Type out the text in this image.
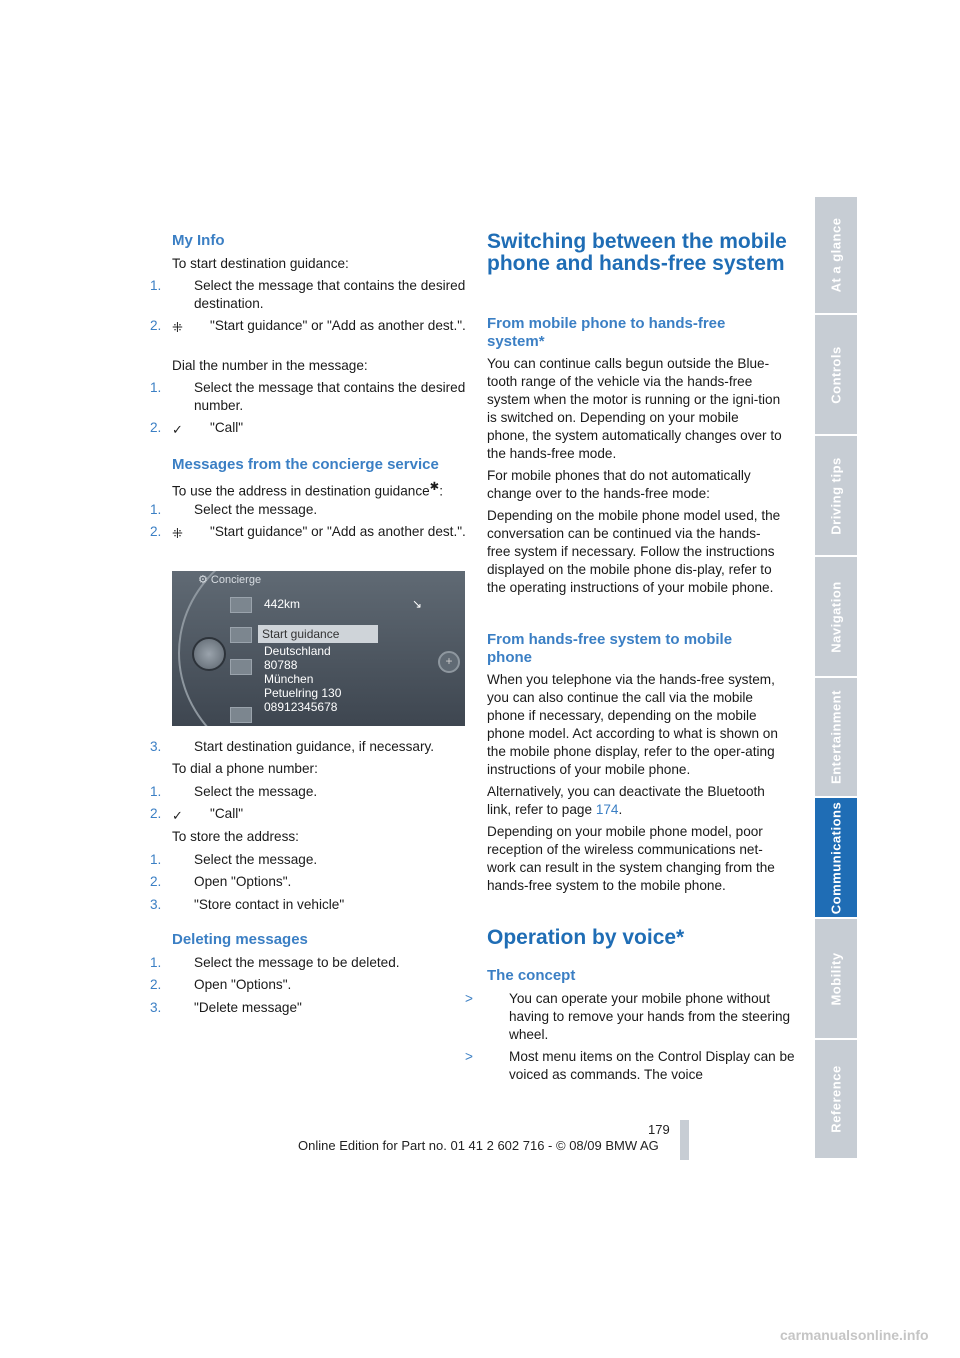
My Info

To start destination guidance:

1. Select the message that contains the desired destination.

2. ⁜ "Start guidance" or "Add as another dest.".

Dial the number in the message:

1. Select the message that contains the desired number.

2. ✓ "Call"

Messages from the concierge service

To use the address in destination guidance✱:

1. Select the message.

2. ⁜ "Start guidance" or "Add as another dest.".

⚙ Concierge
442km	↘
Start guidance
Deutschland
80788
München
Petuelring 130
08912345678
+

3. Start destination guidance, if necessary.

To dial a phone number:

1. Select the message.

2. ✓ "Call"

To store the address:

1. Select the message.

2. Open "Options".

3. "Store contact in vehicle"

Deleting messages

1. Select the message to be deleted.

2. Open "Options".

3. "Delete message"

Switching between the mobile phone and hands-free system
From mobile phone to hands-free system*

You can continue calls begun outside the Blue-tooth range of the vehicle via the hands-free system when the motor is running or the igni-tion is switched on. Depending on your mobile phone, the system automatically changes over to the hands-free mode.

For mobile phones that do not automatically change over to the hands-free mode:

Depending on the mobile phone model used, the conversation can be continued via the hands-free system if necessary. Follow the instructions displayed on the mobile phone dis-play, refer to the operating instructions of your mobile phone.

From hands-free system to mobile phone

When you telephone via the hands-free system, you can also continue the call via the mobile phone if necessary, depending on the mobile phone model. Act according to what is shown on the mobile phone display, refer to the oper-ating instructions of your mobile phone.

Alternatively, you can deactivate the Bluetooth link, refer to page 174.

Depending on your mobile phone model, poor reception of the wireless communications net-work can result in the system changing from the hands-free system to the mobile phone.

Operation by voice*
The concept

>	You can operate your mobile phone without having to remove your hands from the steering wheel.

>	Most menu items on the Control Display can be voiced as commands. The voice

At a glance
Controls
Driving tips
Navigation
Entertainment
Communications
Mobility
Reference
179
Online Edition for Part no. 01 41 2 602 716 - © 08/09 BMW AG
carmanualsonline.info
